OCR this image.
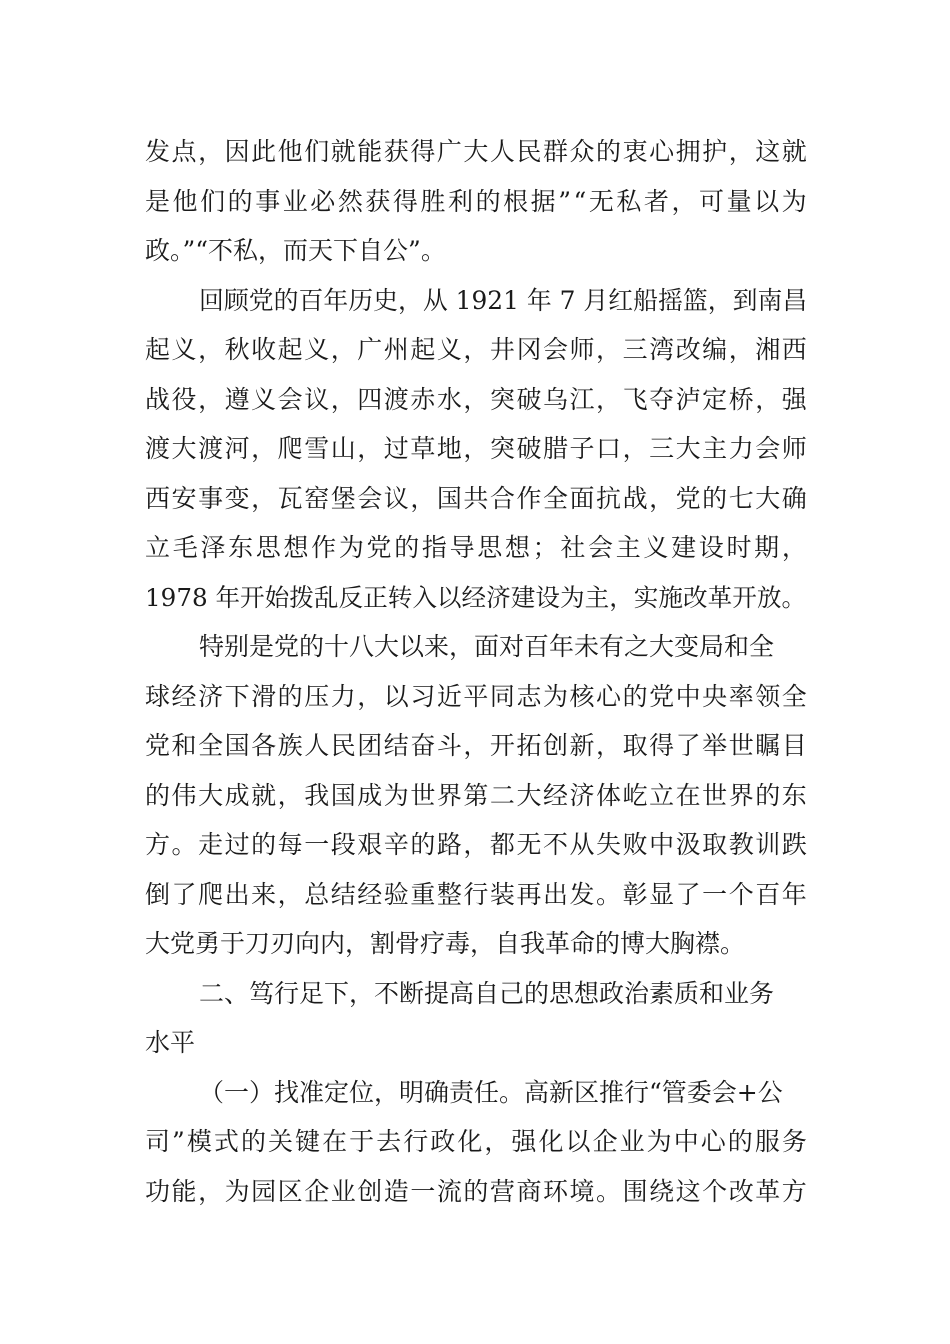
发 点 ， 因 此 他 们 就 能 获 得 广 大 人 民 群 众 的 衷 心 拥 护 ， 这 就
是 他 们 的 事 业 必 然 获 得 胜 利 的 根 据 ” “ 无 私 者 ， 可 量 以 为
政。”“不私，而天下自公”。
回顾党的百年历史，从 1921 年 7 月红船摇篮，到南昌
起 义 ， 秋 收 起 义 ， 广 州 起 义 ， 井 冈 会 师 ， 三 湾 改 编 ， 湘 西
战 役 ， 遵 义 会 议 ， 四 渡 赤 水 ， 突 破 乌 江 ， 飞 夺 泸 定 桥 ， 强
渡 大 渡 河 ， 爬 雪 山 ， 过 草 地 ， 突 破 腊 子 口 ， 三 大 主 力 会 师
西 安 事 变 ， 瓦 窑 堡 会 议 ， 国 共 合 作 全 面 抗 战 ， 党 的 七 大 确
立 毛 泽 东 思 想 作 为 党 的 指 导 思 想 ； 社 会 主 义 建 设 时 期 ，
1978 年开始拨乱反正转入以经济建设为主，实施改革开放。
特别是党的十八大以来，面对百年未有之大变局和全
球 经 济 下 滑 的 压 力 ， 以 习 近 平 同 志 为 核 心 的 党 中 央 率 领 全
党 和 全 国 各 族 人 民 团 结 奋 斗 ， 开 拓 创 新 ， 取 得 了 举 世 瞩 目
的 伟 大 成 就 ， 我 国 成 为 世 界 第 二 大 经 济 体 屹 立 在 世 界 的 东
方 。 走 过 的 每 一 段 艰 辛 的 路 ， 都 无 不 从 失 败 中 汲 取 教 训 跌
倒 了 爬 出 来 ， 总 结 经 验 重 整 行 装 再 出 发 。 彰 显 了 一 个 百 年
大党勇于刀刃向内，割骨疗毒，自我革命的博大胸襟。
二、笃行足下，不断提高自己的思想政治素质和业务
水平
（一）找准定位，明确责任。高新区推行“管委会+公
司 ” 模 式 的 关 键 在 于 去 行 政 化 ， 强 化 以 企 业 为 中 心 的 服 务
功 能 ， 为 园 区 企 业 创 造 一 流 的 营 商 环 境 。 围 绕 这 个 改 革 方
